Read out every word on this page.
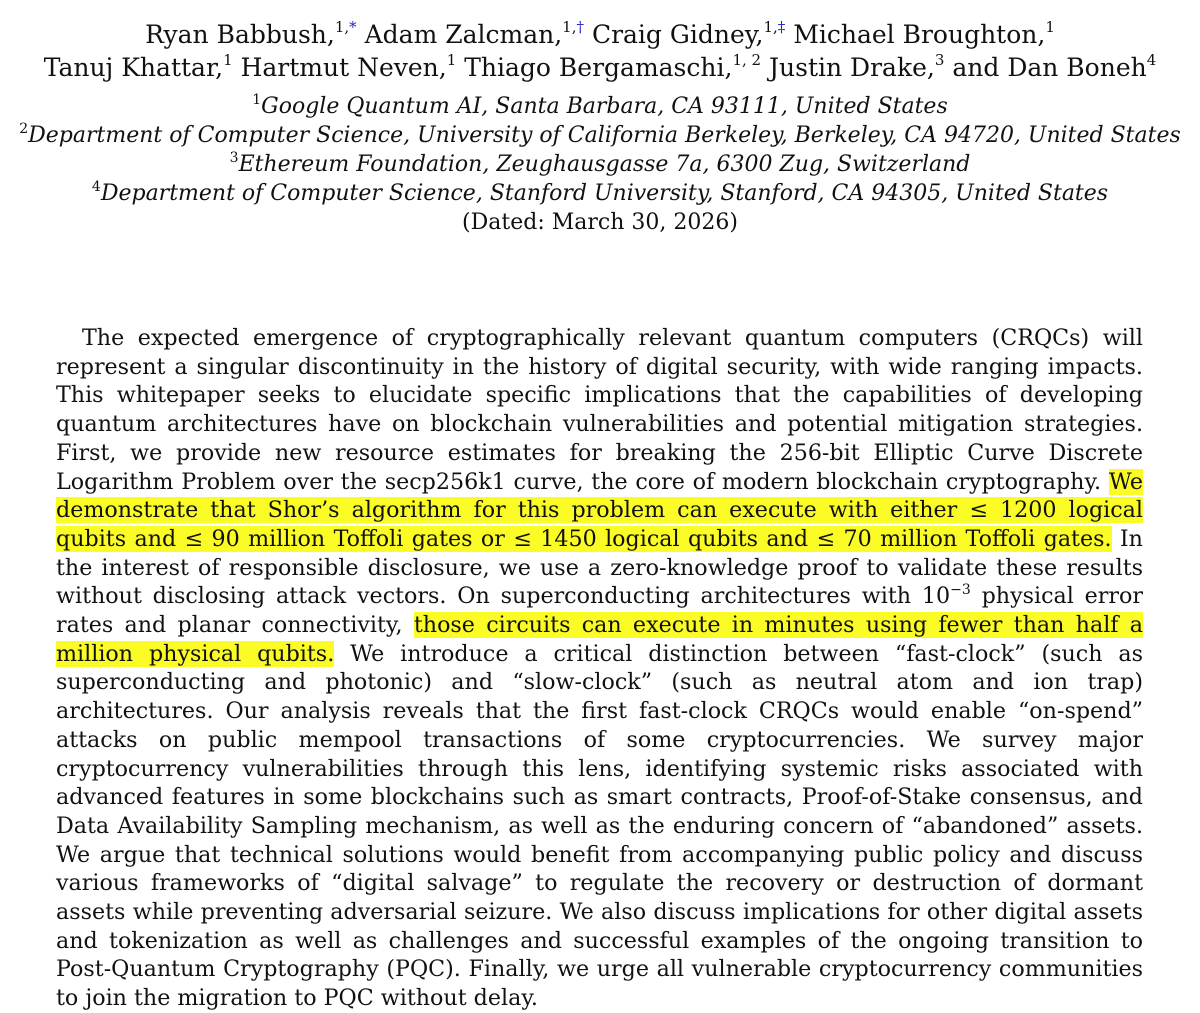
Ryan Babbush,$^{1,*}$ Adam Zalcman,$^{1,\dagger}$ Craig Gidney,$^{1,\ddagger}$ Michael Broughton,$^1$
Tanuj Khattar,$^1$ Hartmut Neven,$^1$ Thiago Bergamaschi,$^{1, 2}$ Justin Drake,$^3$ and Dan Boneh$^4$
$^1$Google Quantum AI, Santa Barbara, CA 93111, United States
$^2$Department of Computer Science, University of California Berkeley, Berkeley, CA 94720, United States
$^3$Ethereum Foundation, Zeughausgasse 7a, 6300 Zug, Switzerland
$^4$Department of Computer Science, Stanford University, Stanford, CA 94305, United States
(Dated: March 30, 2026)
The expected emergence of cryptographically relevant quantum computers (CRQCs) will represent a singular discontinuity in the history of digital security, with wide ranging impacts. This whitepaper seeks to elucidate specific implications that the capabilities of developing quantum architectures have on blockchain vulnerabilities and potential mitigation strategies. First, we provide new resource estimates for breaking the 256-bit Elliptic Curve Discrete Logarithm Problem over the secp256k1 curve, the core of modern blockchain cryptography. We demonstrate that Shor’s algorithm for this problem can execute with either ≤ 1200 logical qubits and ≤ 90 million Toffoli gates or ≤ 1450 logical qubits and ≤ 70 million Toffoli gates. In the interest of responsible disclosure, we use a zero-knowledge proof to validate these results without disclosing attack vectors. On superconducting architectures with $10^{-3}$ physical error rates and planar connectivity, those circuits can execute in minutes using fewer than half a million physical qubits. We introduce a critical distinction between “fast-clock” (such as superconducting and photonic) and “slow-clock” (such as neutral atom and ion trap) architectures. Our analysis reveals that the first fast-clock CRQCs would enable “on-spend” attacks on public mempool transactions of some cryptocurrencies. We survey major cryptocurrency vulnerabilities through this lens, identifying systemic risks associated with advanced features in some blockchains such as smart contracts, Proof-of-Stake consensus, and Data Availability Sampling mechanism, as well as the enduring concern of “abandoned” assets. We argue that technical solutions would benefit from accompanying public policy and discuss various frameworks of “digital salvage” to regulate the recovery or destruction of dormant assets while preventing adversarial seizure. We also discuss implications for other digital assets and tokenization as well as challenges and successful examples of the ongoing transition to Post-Quantum Cryptography (PQC). Finally, we urge all vulnerable cryptocurrency communities to join the migration to PQC without delay.
